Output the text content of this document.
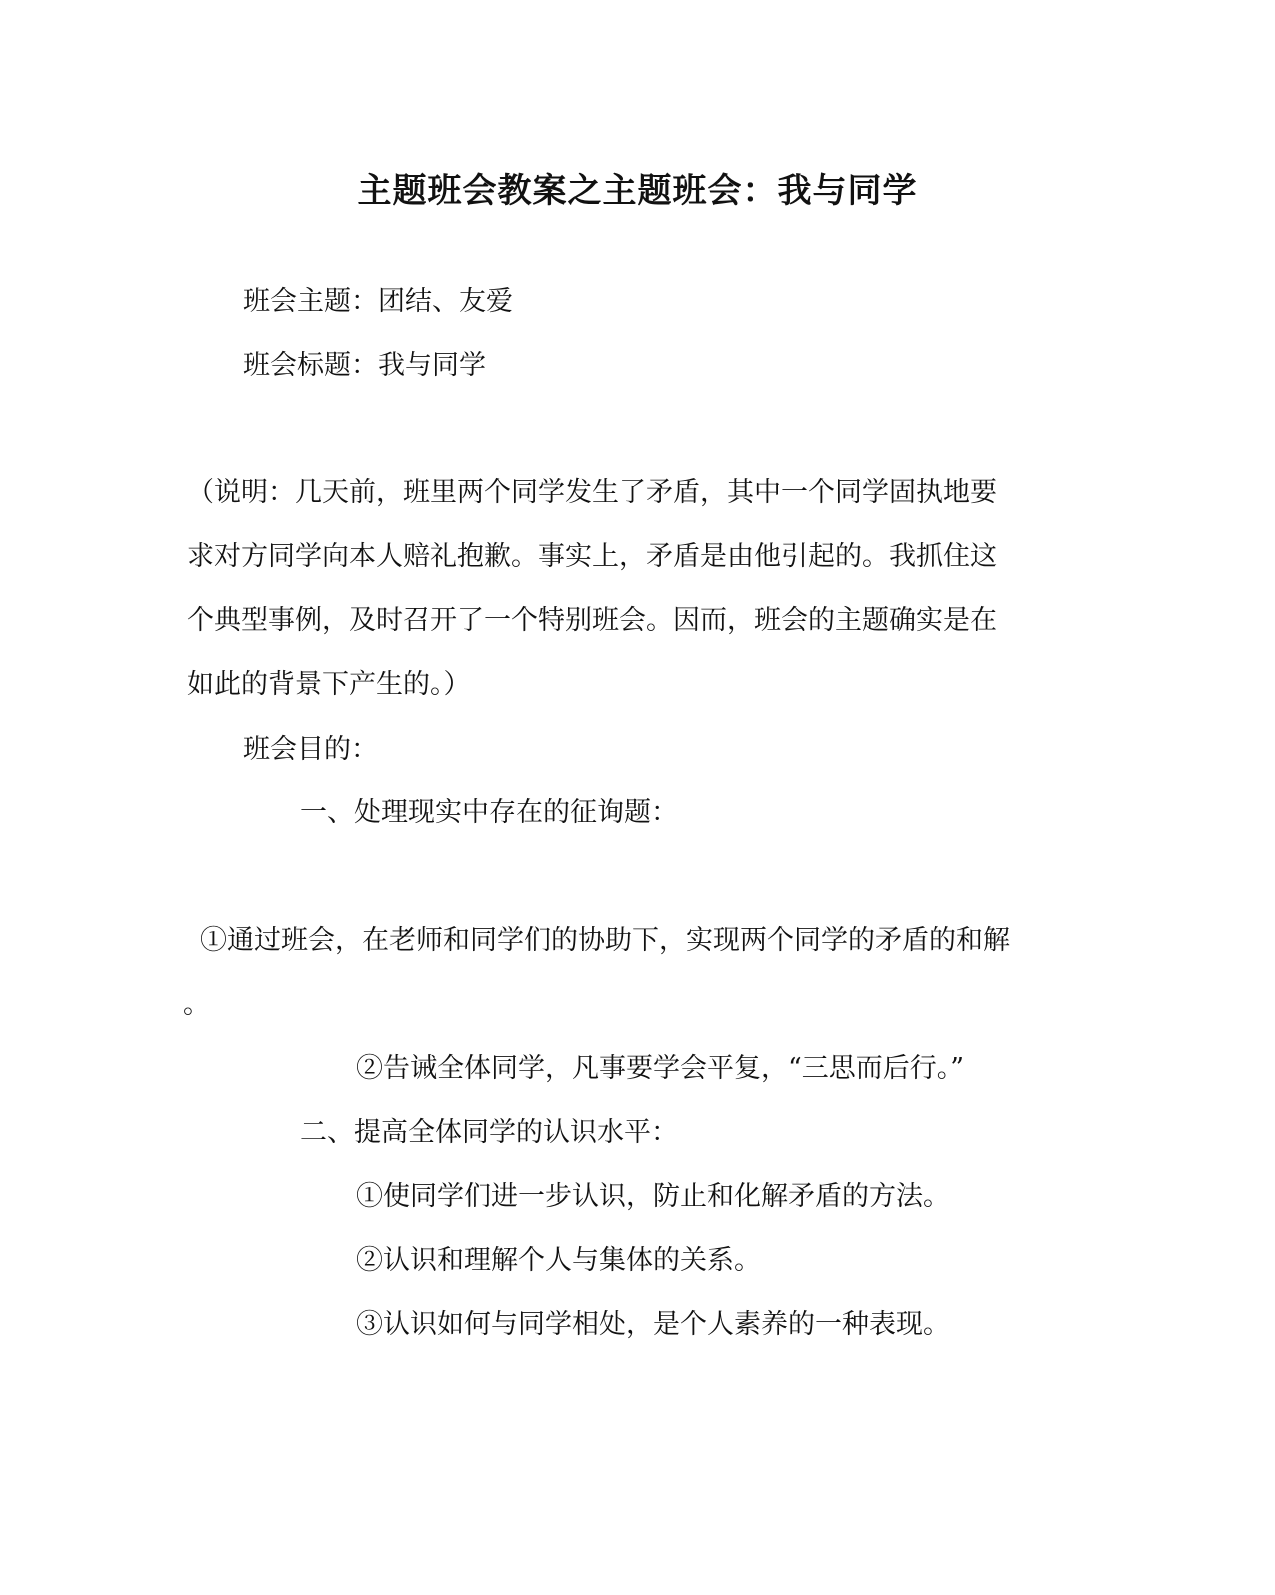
主题班会教案之主题班会：我与同学
班会主题：团结、友爱
班会标题：我与同学
（说明：几天前，班里两个同学发生了矛盾，其中一个同学固执地要
求对方同学向本人赔礼抱歉。事实上，矛盾是由他引起的。我抓住这
个典型事例，及时召开了一个特别班会。因而，班会的主题确实是在
如此的背景下产生的。）
班会目的：
一、处理现实中存在的征询题：
①通过班会，在老师和同学们的协助下，实现两个同学的矛盾的和解
。
②告诫全体同学，凡事要学会平复，“三思而后行。”
二、提高全体同学的认识水平：
①使同学们进一步认识，防止和化解矛盾的方法。
②认识和理解个人与集体的关系。
③认识如何与同学相处，是个人素养的一种表现。
